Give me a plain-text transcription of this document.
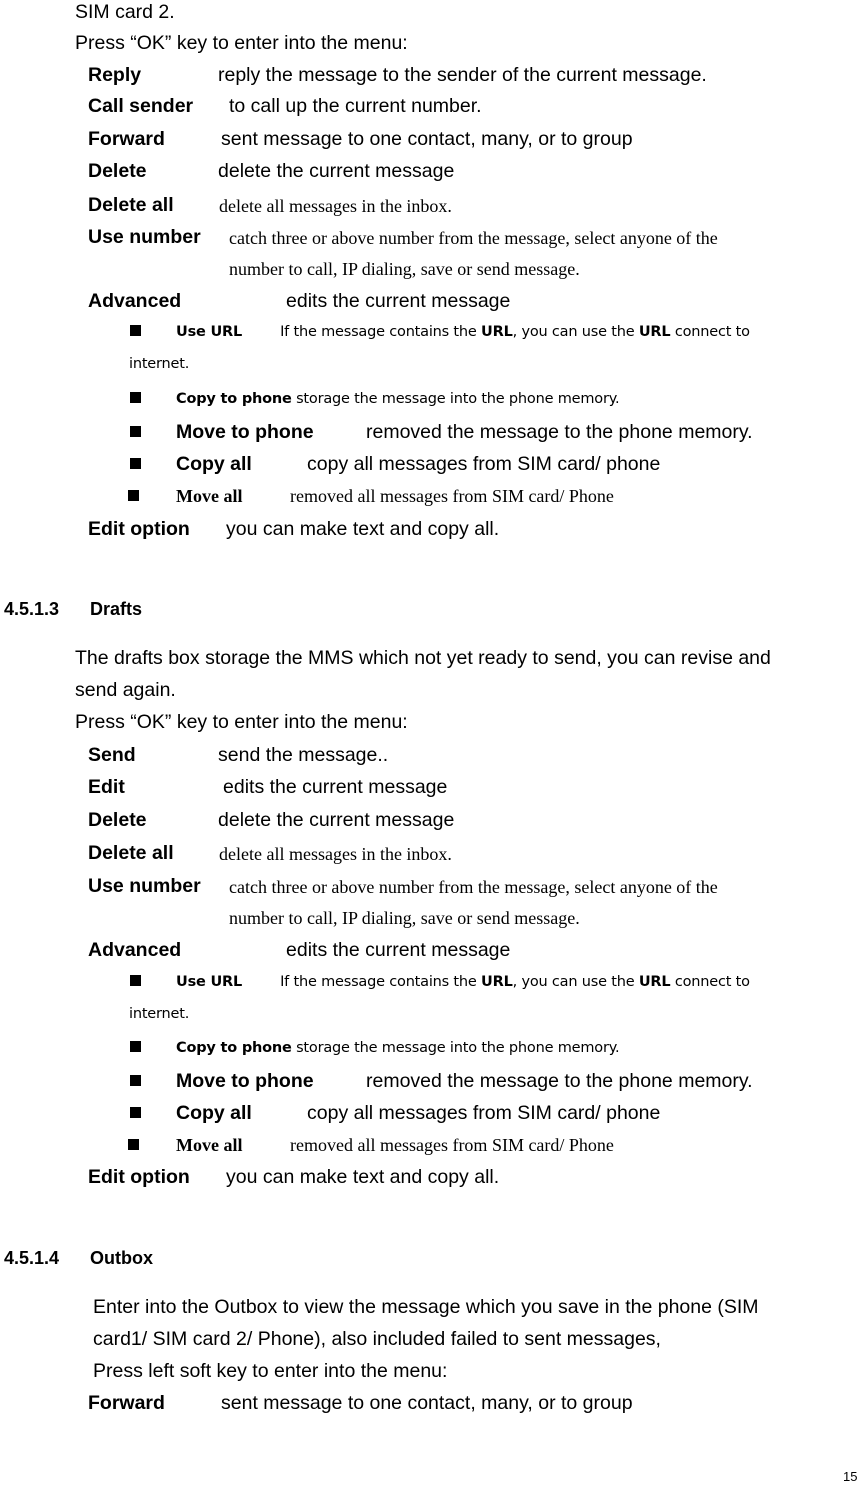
SIM card 2.
Press “OK” key to enter into the menu:
Reply	reply the message to the sender of the current message.
Call sender to call up the current number.
Forward	sent message to one contact, many, or to group
Delete	delete the current message
Delete all	delete all messages in the inbox.
Use number catch three or above number from the message, select anyone of the
number to call, IP dialing, save or send message.
Advanced	edits the current message
Use URL	If the message contains the URL, you can use the URL connect to
internet.
Copy to phone storage the message into the phone memory.
Move to phone	removed the message to the phone memory.
Copy all	copy all messages from SIM card/ phone
Move all	removed all messages from SIM card/ Phone
Edit option you can make text and copy all.
4.5.1.3 Drafts
The drafts box storage the MMS which not yet ready to send, you can revise and
send again.
Press “OK” key to enter into the menu:
Send	send the message..
Edit	edits the current message
Delete	delete the current message
Delete all	delete all messages in the inbox.
Use number catch three or above number from the message, select anyone of the
number to call, IP dialing, save or send message.
Advanced	edits the current message
Use URL	If the message contains the URL, you can use the URL connect to
internet.
Copy to phone storage the message into the phone memory.
Move to phone	removed the message to the phone memory.
Copy all	copy all messages from SIM card/ phone
Move all	removed all messages from SIM card/ Phone
Edit option you can make text and copy all.
4.5.1.4 Outbox
Enter into the Outbox to view the message which you save in the phone (SIM
card1/ SIM card 2/ Phone), also included failed to sent messages,
Press left soft key to enter into the menu:
Forward	sent message to one contact, many, or to group
15
